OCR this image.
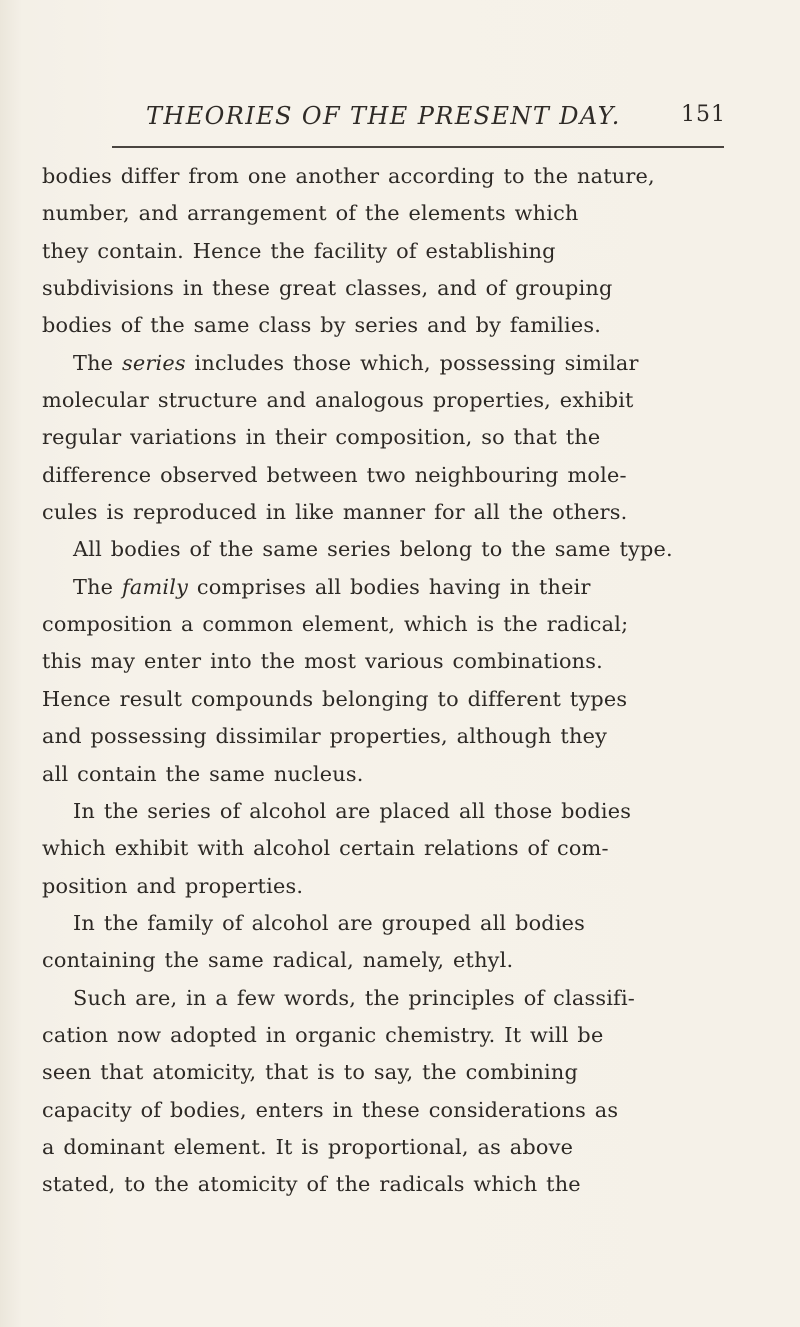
THEORIES OF THE PRESENT DAY.	151
bodies differ from one another according to the nature,
number, and arrangement of the elements which
they contain. Hence the facility of establishing
subdivisions in these great classes, and of grouping
bodies of the same class by series and by families.
The series includes those which, possessing similar
molecular structure and analogous properties, exhibit
regular variations in their composition, so that the
difference observed between two neighbouring mole-
cules is reproduced in like manner for all the others.
All bodies of the same series belong to the same type.
The family comprises all bodies having in their
composition a common element, which is the radical;
this may enter into the most various combinations.
Hence result compounds belonging to different types
and possessing dissimilar properties, although they
all contain the same nucleus.
In the series of alcohol are placed all those bodies
which exhibit with alcohol certain relations of com-
position and properties.
In the family of alcohol are grouped all bodies
containing the same radical, namely, ethyl.
Such are, in a few words, the principles of classifi-
cation now adopted in organic chemistry. It will be
seen that atomicity, that is to say, the combining
capacity of bodies, enters in these considerations as
a dominant element. It is proportional, as above
stated, to the atomicity of the radicals which the
